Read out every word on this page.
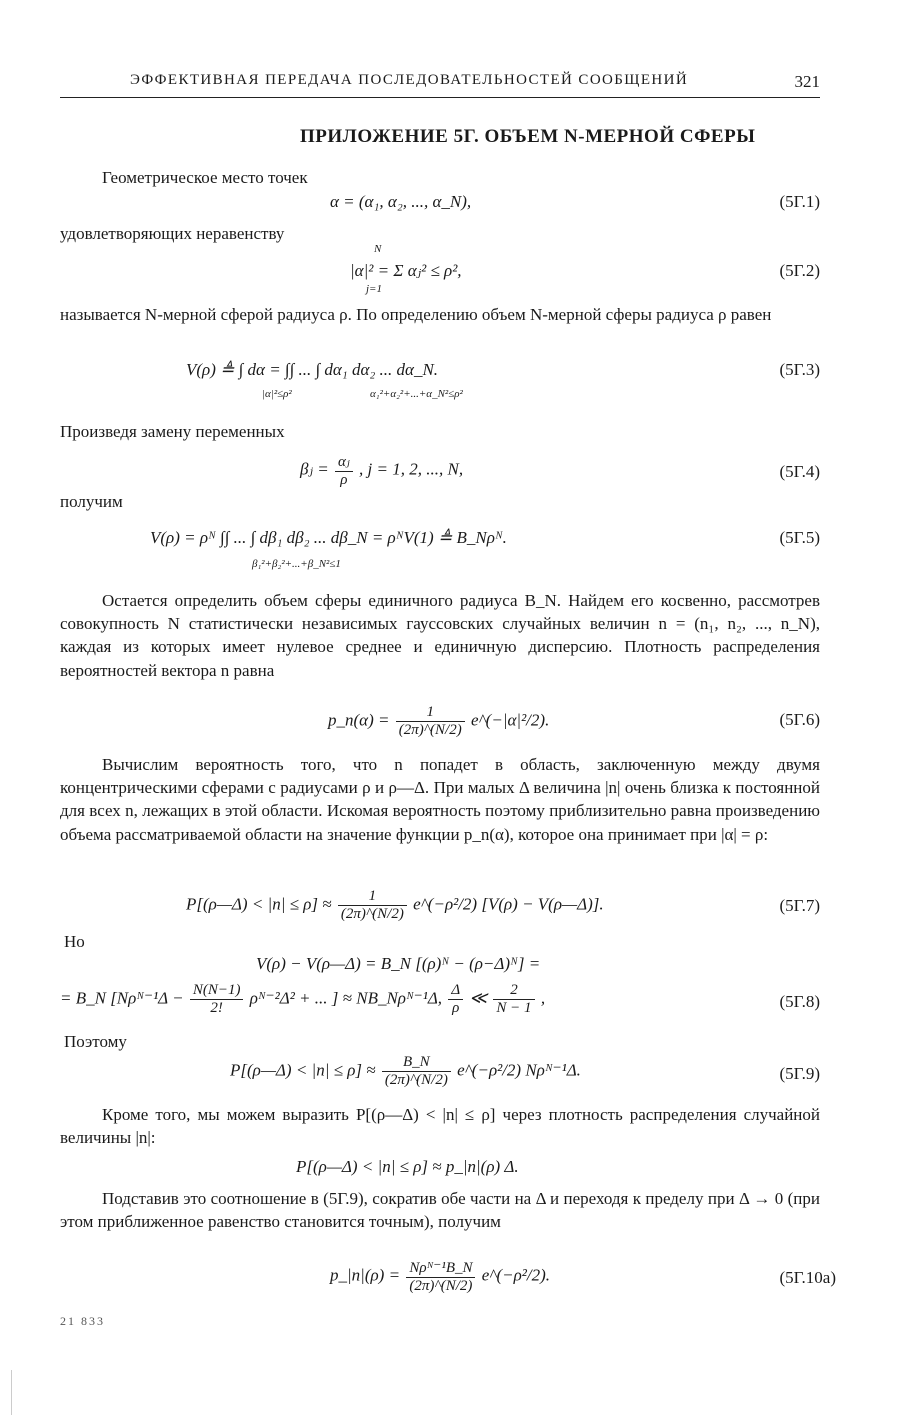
ЭФФЕКТИВНАЯ ПЕРЕДАЧА ПОСЛЕДОВАТЕЛЬНОСТЕЙ СООБЩЕНИЙ	321
ПРИЛОЖЕНИЕ 5Г. ОБЪЕМ N-МЕРНОЙ СФЕРЫ
Геометрическое место точек
α = (α₁, α₂, ..., α_N),	(5Г.1)
удовлетворяющих неравенству
N
|α|² = Σ αⱼ² ≤ ρ²,
j=1
(5Г.2)
называется N-мерной сферой радиуса ρ. По определению объем N-мерной сферы радиуса ρ равен
V(ρ) ≜ ∫ dα = ∫∫ ... ∫ dα₁ dα₂ ... dα_N.
|α|²≤ρ²	α₁²+α₂²+...+α_N²≤ρ²
(5Г.3)
Произведя замену переменных
βⱼ = $\frac{\text{αⱼ}}{\rho}$ , j = 1, 2, ..., N,	(5Г.4)
получим
V(ρ) = ρᴺ ∫∫ ... ∫ dβ₁ dβ₂ ... dβ_N = ρᴺV(1) ≜ B_Nρᴺ.
β₁²+β₂²+...+β_N²≤1
(5Г.5)
Остается определить объем сферы единичного радиуса B_N. Найдем его косвенно, рассмотрев совокупность N статистически независимых гауссовских случайных величин n = (n₁, n₂, ..., n_N), каждая из которых имеет нулевое среднее и единичную дисперсию. Плотность распределения вероятностей вектора n равна
p_n(α) = $\frac{1}{(2\pi)\^{}(N/2)}$ e^(−|α|²/2).	(5Г.6)
Вычислим вероятность того, что n попадет в область, заключенную между двумя концентрическими сферами с радиусами ρ и ρ—Δ. При малых Δ величина |n| очень близка к постоянной для всех n, лежащих в этой области. Искомая вероятность поэтому приблизительно равна произведению объема рассматриваемой области на значение функции p_n(α), которое она принимает при |α| = ρ:
P[(ρ—Δ) < $|n| \le \rho] \approx \frac{1}{(2\pi)\^{}(N/2)}$ e^(−ρ²/2) [V(ρ) − V(ρ—Δ)].	(5Г.7)
Но
V(ρ) − V(ρ—Δ) = B_N [(ρ)ᴺ − (ρ−Δ)ᴺ] =
= B_N [Nρᴺ⁻¹Δ − $\frac{N(N-1)}{2!}$ ρᴺ⁻²Δ² + ... ] ≈ NB_Nρᴺ⁻¹Δ, $\frac{\Delta}{\rho}$ ≪ $\frac{2}{N - 1}$ ,	(5Г.8)
Поэтому
P[(ρ—Δ) < $|n| \le \rho] \approx \frac{B\_N}{(2\pi)\^{}(N/2)}$ e^(−ρ²/2) Nρᴺ⁻¹Δ.	(5Г.9)
Кроме того, мы можем выразить P[(ρ—Δ) < |n| ≤ ρ] через плотность распределения случайной величины |n|:
P[(ρ—Δ) < |n| ≤ ρ] ≈ p_|n|(ρ) Δ.
Подставив это соотношение в (5Г.9), сократив обе части на Δ и переходя к пределу при Δ → 0 (при этом приближенное равенство становится точным), получим
p_|n|(ρ) = $\frac{\text{Nρᴺ⁻¹B\_N}}{(2\pi)\^{}(N/2)}$ e^(−ρ²/2).	(5Г.10а)
21 833
